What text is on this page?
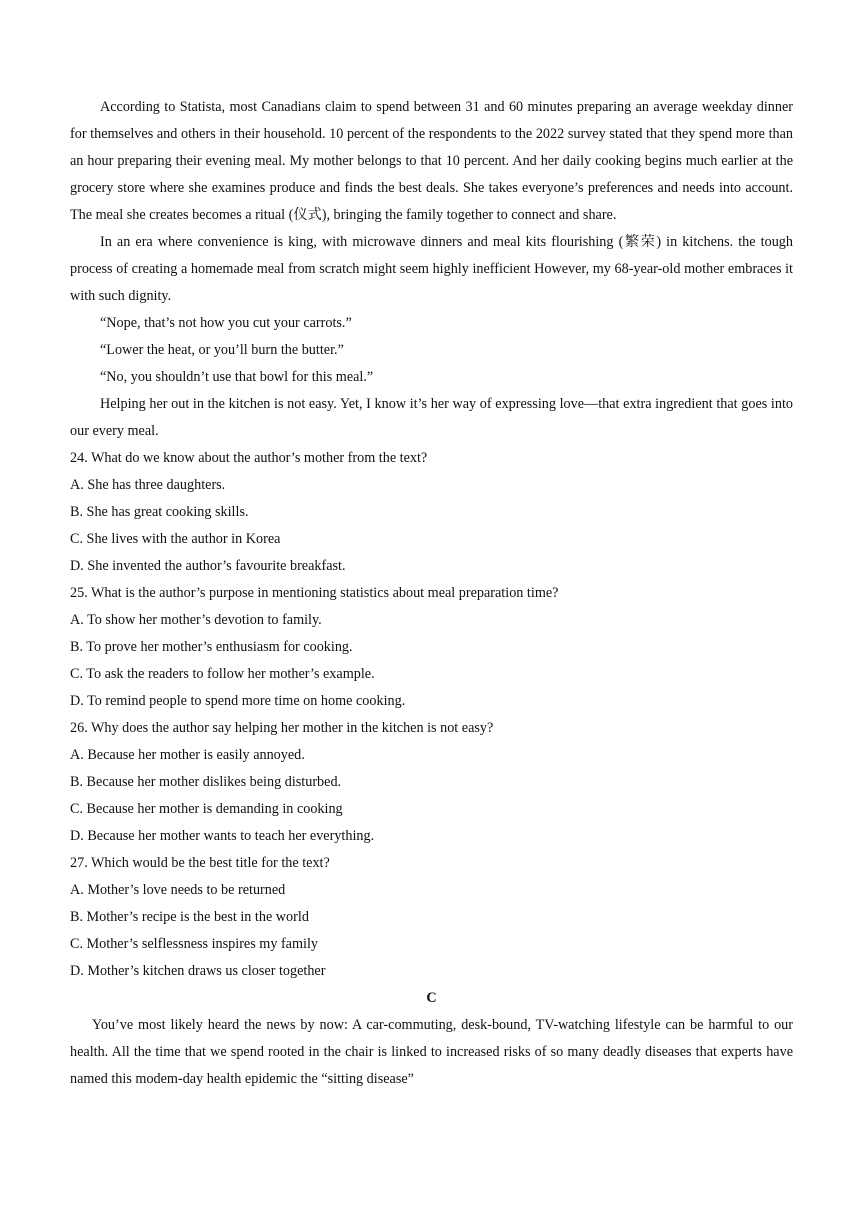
According to Statista, most Canadians claim to spend between 31 and 60 minutes preparing an average weekday dinner for themselves and others in their household. 10 percent of the respondents to the 2022 survey stated that they spend more than an hour preparing their evening meal. My mother belongs to that 10 percent. And her daily cooking begins much earlier at the grocery store where she examines produce and finds the best deals. She takes everyone’s preferences and needs into account. The meal she creates becomes a ritual (仪式), bringing the family together to connect and share.

In an era where convenience is king, with microwave dinners and meal kits flourishing (繁荣) in kitchens. the tough process of creating a homemade meal from scratch might seem highly inefficient However, my 68-year-old mother embraces it with such dignity.

“Nope, that’s not how you cut your carrots.”

“Lower the heat, or you’ll burn the butter.”

“No, you shouldn’t use that bowl for this meal.”

Helping her out in the kitchen is not easy. Yet, I know it’s her way of expressing love—that extra ingredient that goes into our every meal.

24. What do we know about the author’s mother from the text?

A. She has three daughters.

B. She has great cooking skills.

C. She lives with the author in Korea

D. She invented the author’s favourite breakfast.

25. What is the author’s purpose in mentioning statistics about meal preparation time?

A. To show her mother’s devotion to family.

B. To prove her mother’s enthusiasm for cooking.

C. To ask the readers to follow her mother’s example.

D. To remind people to spend more time on home cooking.

26. Why does the author say helping her mother in the kitchen is not easy?

A. Because her mother is easily annoyed.

B. Because her mother dislikes being disturbed.

C. Because her mother is demanding in cooking

D. Because her mother wants to teach her everything.

27. Which would be the best title for the text?

A. Mother’s love needs to be returned

B. Mother’s recipe is the best in the world

C. Mother’s selflessness inspires my family

D. Mother’s kitchen draws us closer together

C

You’ve most likely heard the news by now: A car-commuting, desk-bound, TV-watching lifestyle can be harmful to our health. All the time that we spend rooted in the chair is linked to increased risks of so many deadly diseases that experts have named this modem-day health epidemic the “sitting disease”
